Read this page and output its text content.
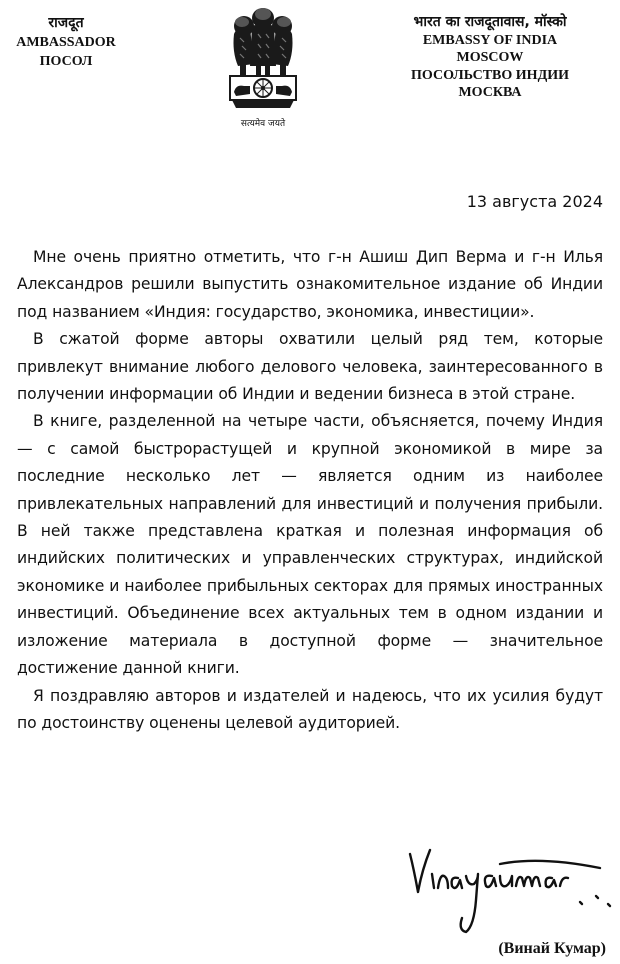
राजदूत
AMBASSADOR
ПОСОЛ
सत्यमेव जयते
भारत का राजदूतावास, मॉस्को
EMBASSY OF INDIA
MOSCOW
ПОСОЛЬСТВО ИНДИИ
МОСКВА
13 августа 2024

Мне очень приятно отметить, что г-н Ашиш Дип Верма и г-н Илья Александров решили выпустить ознакомительное издание об Индии под названием «Индия: государство, экономика, инвестиции».

В сжатой форме авторы охватили целый ряд тем, которые привлекут внимание любого делового человека, заинтересованного в получении информации об Индии и ведении бизнеса в этой стране.

В книге, разделенной на четыре части, объясняется, почему Индия — с самой быстрорастущей и крупной экономикой в мире за последние несколько лет — является одним из наиболее привлекательных направлений для инвестиций и получения прибыли. В ней также представлена краткая и полезная информация об индийских политических и управленческих структурах, индийской экономике и наиболее прибыльных секторах для прямых иностранных инвестиций. Объединение всех актуальных тем в одном издании и изложение материала в доступной форме — значительное достижение данной книги.

Я поздравляю авторов и издателей и надеюсь, что их усилия будут по достоинству оценены целевой аудиторией.

(Винай Кумар)
